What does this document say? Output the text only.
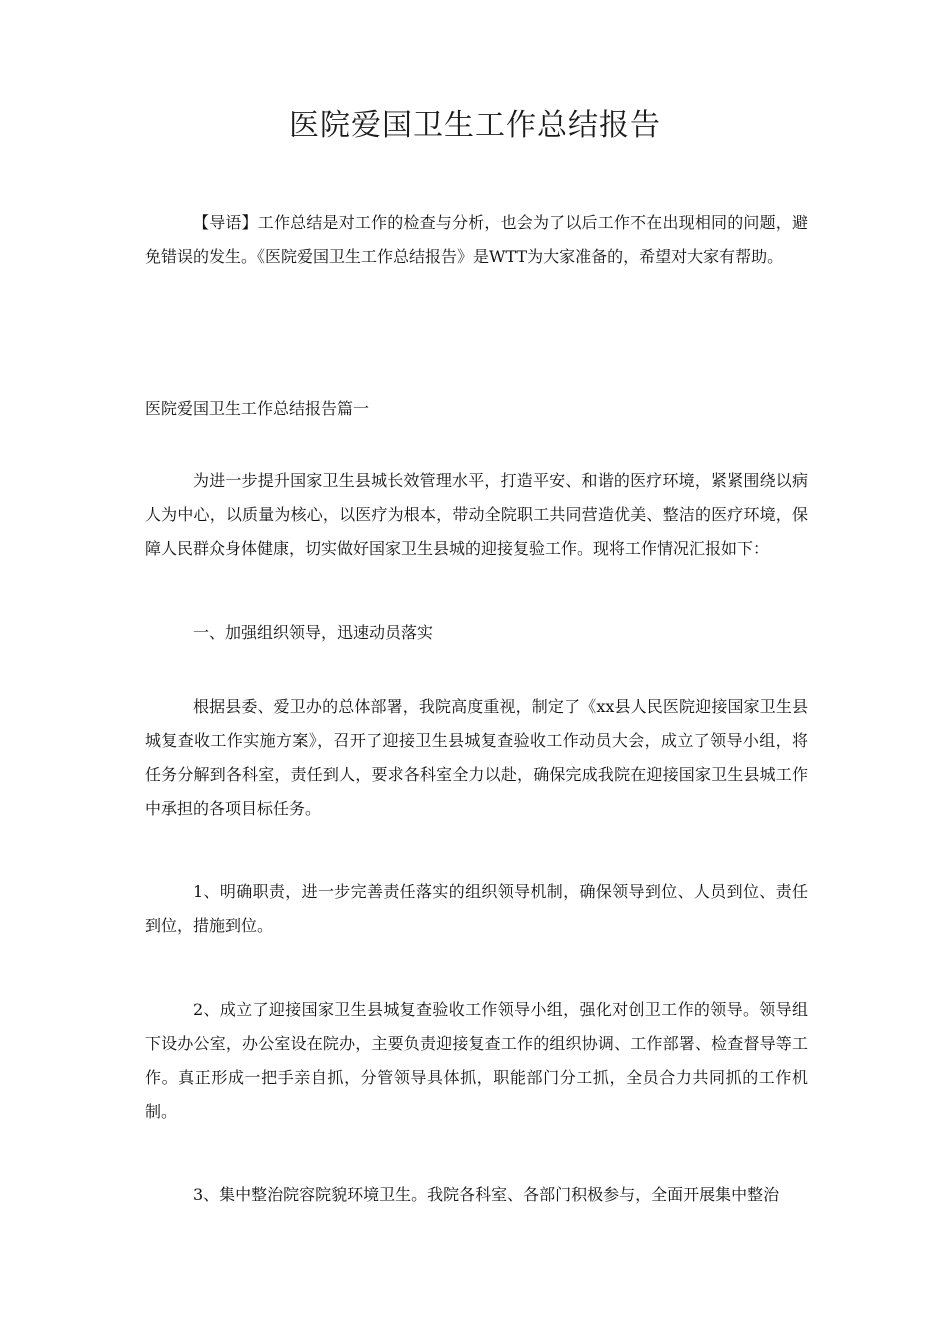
医院爱国卫生工作总结报告

【导语】工作总结是对工作的检查与分析，也会为了以后工作不在出现相同的问题，避免错误的发生。《医院爱国卫生工作总结报告》是WTT为大家准备的，希望对大家有帮助。

医院爱国卫生工作总结报告篇一

为进一步提升国家卫生县城长效管理水平，打造平安、和谐的医疗环境，紧紧围绕以病人为中心，以质量为核心，以医疗为根本，带动全院职工共同营造优美、整洁的医疗环境，保障人民群众身体健康，切实做好国家卫生县城的迎接复验工作。现将工作情况汇报如下：

一、加强组织领导，迅速动员落实

根据县委、爱卫办的总体部署，我院高度重视，制定了《xx县人民医院迎接国家卫生县城复查收工作实施方案》，召开了迎接卫生县城复查验收工作动员大会，成立了领导小组，将任务分解到各科室，责任到人，要求各科室全力以赴，确保完成我院在迎接国家卫生县城工作中承担的各项目标任务。

1、明确职责，进一步完善责任落实的组织领导机制，确保领导到位、人员到位、责任到位，措施到位。

2、成立了迎接国家卫生县城复查验收工作领导小组，强化对创卫工作的领导。领导组下设办公室，办公室设在院办，主要负责迎接复查工作的组织协调、工作部署、检查督导等工作。真正形成一把手亲自抓，分管领导具体抓，职能部门分工抓，全员合力共同抓的工作机制。

3、集中整治院容院貌环境卫生。我院各科室、各部门积极参与，全面开展集中整治
